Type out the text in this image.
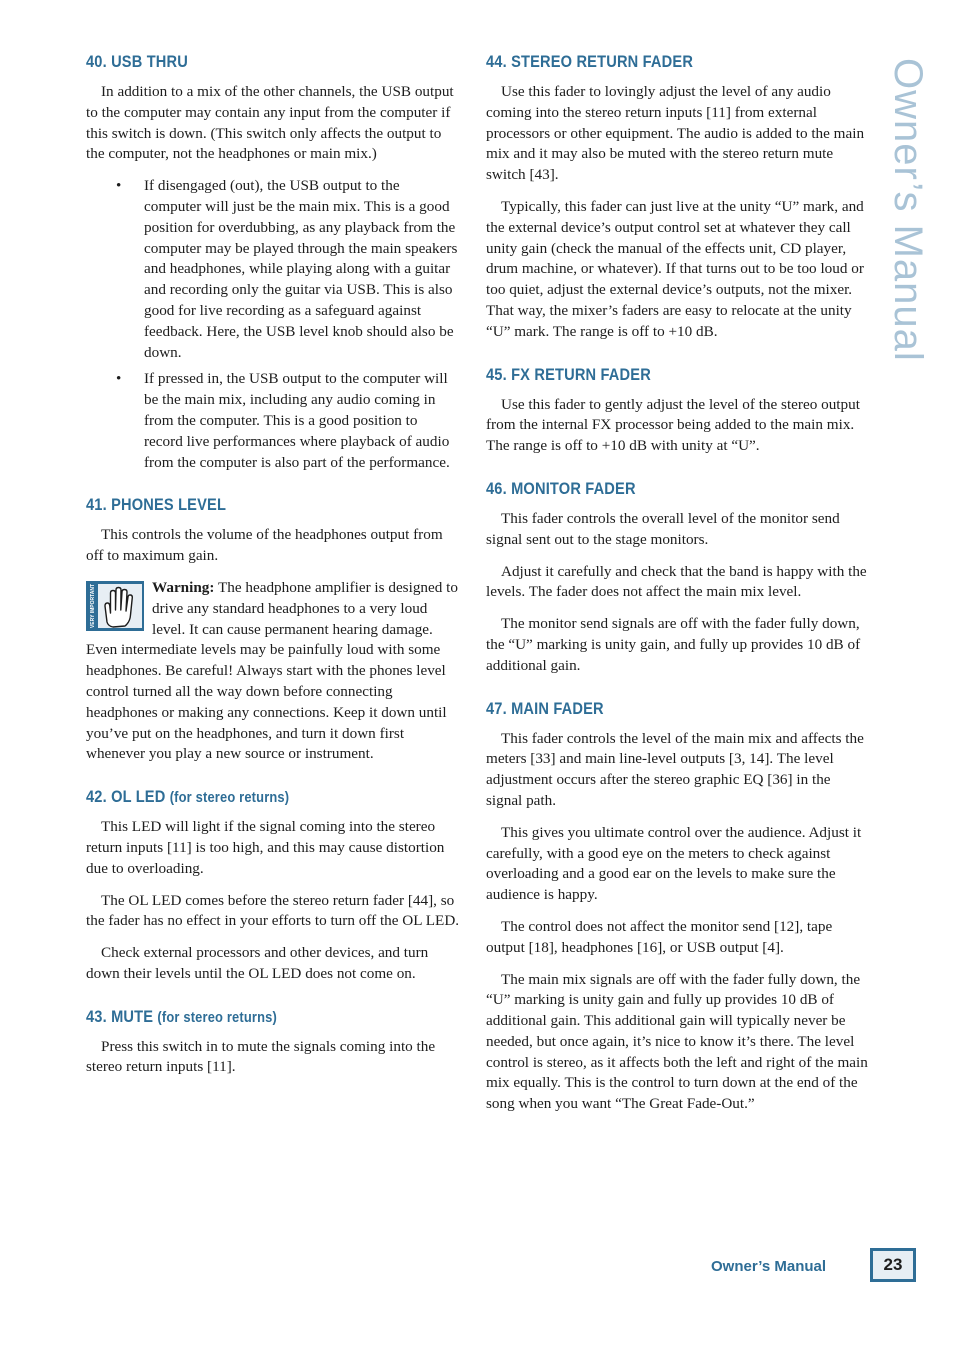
Owner’s Manual
40. USB THRU

In addition to a mix of the other channels, the USB output to the computer may contain any input from the computer if this switch is down. (This switch only affects the output to the computer, not the headphones or main mix.)

• If disengaged (out), the USB output to the computer will just be the main mix. This is a good position for overdubbing, as any playback from the computer may be played through the main speakers and headphones, while playing along with a guitar and recording only the guitar via USB. This is also good for live recording as a safeguard against feedback. Here, the USB level knob should also be down.
• If pressed in, the USB output to the computer will be the main mix, including any audio coming in from the computer. This is a good position to record live performances where playback of audio from the computer is also part of the performance.
41. PHONES LEVEL

This controls the volume of the headphones output from off to maximum gain.

VERY IMPORTANT	Warning: The headphone amplifier is designed to drive any standard headphones to a very loud level. It can cause permanent hearing damage. Even intermediate levels may be painfully loud with some headphones. Be careful! Always start with the phones level control turned all the way down before connecting headphones or making any connections. Keep it down until you’ve put on the headphones, and turn it down first whenever you play a new source or instrument.

42. OL LED (for stereo returns)

This LED will light if the signal coming into the stereo return inputs [11] is too high, and this may cause distortion due to overloading.

The OL LED comes before the stereo return fader [44], so the fader has no effect in your efforts to turn off the OL LED.

Check external processors and other devices, and turn down their levels until the OL LED does not come on.

43. MUTE (for stereo returns)

Press this switch in to mute the signals coming into the stereo return inputs [11].

44. STEREO RETURN FADER

Use this fader to lovingly adjust the level of any audio coming into the stereo return inputs [11] from external processors or other equipment. The audio is added to the main mix and it may also be muted with the stereo return mute switch [43].

Typically, this fader can just live at the unity “U” mark, and the external device’s output control set at whatever they call unity gain (check the manual of the effects unit, CD player, drum machine, or whatever). If that turns out to be too loud or too quiet, adjust the external device’s outputs, not the mixer. That way, the mixer’s faders are easy to relocate at the unity “U” mark. The range is off to +10 dB.

45. FX RETURN FADER

Use this fader to gently adjust the level of the stereo output from the internal FX processor being added to the main mix. The range is off to +10 dB with unity at “U”.

46. MONITOR FADER

This fader controls the overall level of the monitor send signal sent out to the stage monitors.

Adjust it carefully and check that the band is happy with the levels. The fader does not affect the main mix level.

The monitor send signals are off with the fader fully down, the “U” marking is unity gain, and fully up provides 10 dB of additional gain.

47. MAIN FADER

This fader controls the level of the main mix and affects the meters [33] and main line-level outputs [3, 14]. The level adjustment occurs after the stereo graphic EQ [36] in the signal path.

This gives you ultimate control over the audience. Adjust it carefully, with a good eye on the meters to check against overloading and a good ear on the levels to make sure the audience is happy.

The control does not affect the monitor send [12], tape output [18], headphones [16], or USB output [4].

The main mix signals are off with the fader fully down, the “U” marking is unity gain and fully up provides 10 dB of additional gain. This additional gain will typically never be needed, but once again, it’s nice to know it’s there. The level control is stereo, as it affects both the left and right of the main mix equally. This is the control to turn down at the end of the song when you want “The Great Fade-Out.”

Owner’s Manual	23
